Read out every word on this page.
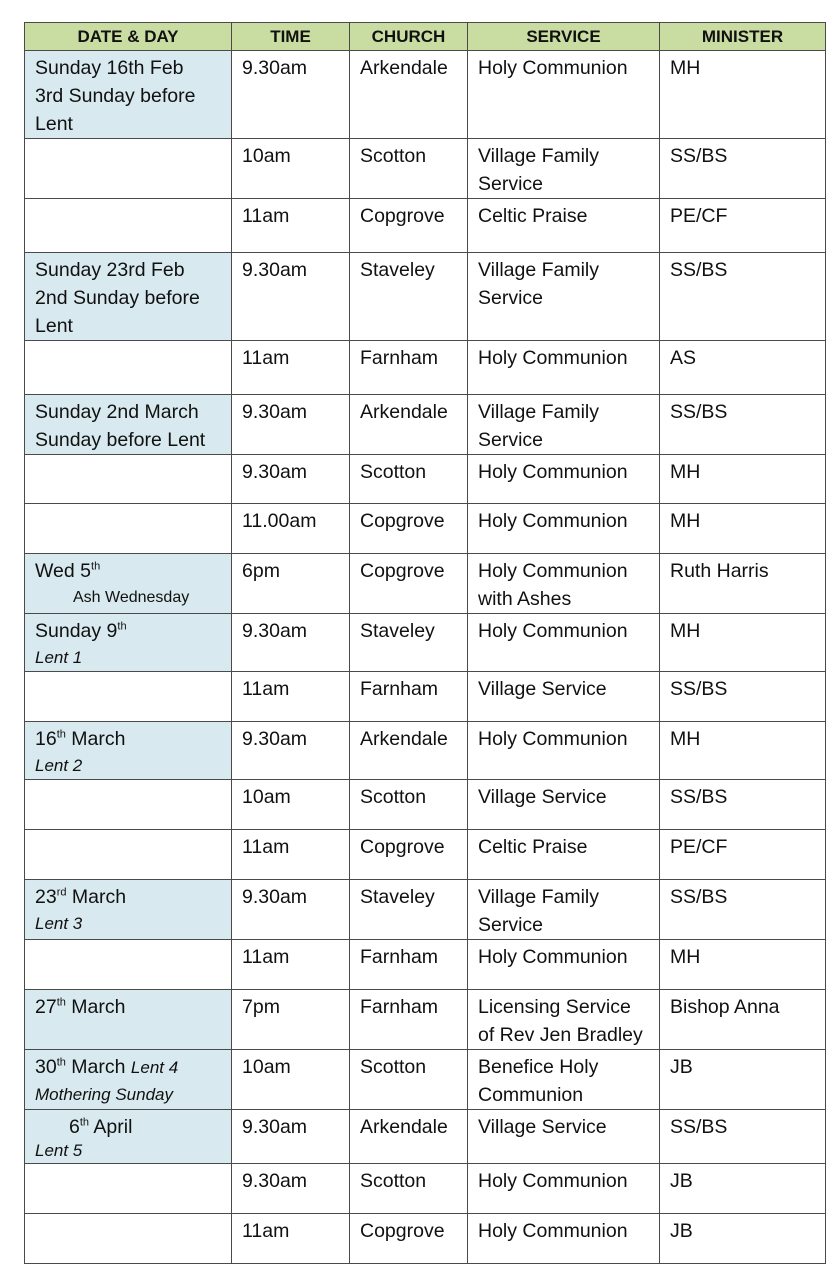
DATE & DAY	TIME	CHURCH	SERVICE	MINISTER

Sunday 16th Feb
3rd Sunday before Lent	9.30am	Arkendale	Holy Communion	MH
	10am	Scotton	Village Family Service	SS/BS
	11am	Copgrove	Celtic Praise	PE/CF

Sunday 23rd Feb
2nd Sunday before Lent	9.30am	Staveley	Village Family Service	SS/BS
	11am	Farnham	Holy Communion	AS

Sunday 2nd March
Sunday before Lent	9.30am	Arkendale	Village Family Service	SS/BS
	9.30am	Scotton	Holy Communion	MH
	11.00am	Copgrove	Holy Communion	MH

Wed 5th
Ash Wednesday	6pm	Copgrove	Holy Communion with Ashes	Ruth Harris

Sunday 9th
Lent 1	9.30am	Staveley	Holy Communion	MH
	11am	Farnham	Village Service	SS/BS

16th March
Lent 2	9.30am	Arkendale	Holy Communion	MH
	10am	Scotton	Village Service	SS/BS
	11am	Copgrove	Celtic Praise	PE/CF

23rd March
Lent 3	9.30am	Staveley	Village Family Service	SS/BS
	11am	Farnham	Holy Communion	MH

27th March	7pm	Farnham	Licensing Service of Rev Jen Bradley	Bishop Anna

30th March Lent 4
Mothering Sunday	10am	Scotton	Benefice Holy Communion	JB

6th April
Lent 5	9.30am	Arkendale	Village Service	SS/BS
	9.30am	Scotton	Holy Communion	JB
	11am	Copgrove	Holy Communion	JB
